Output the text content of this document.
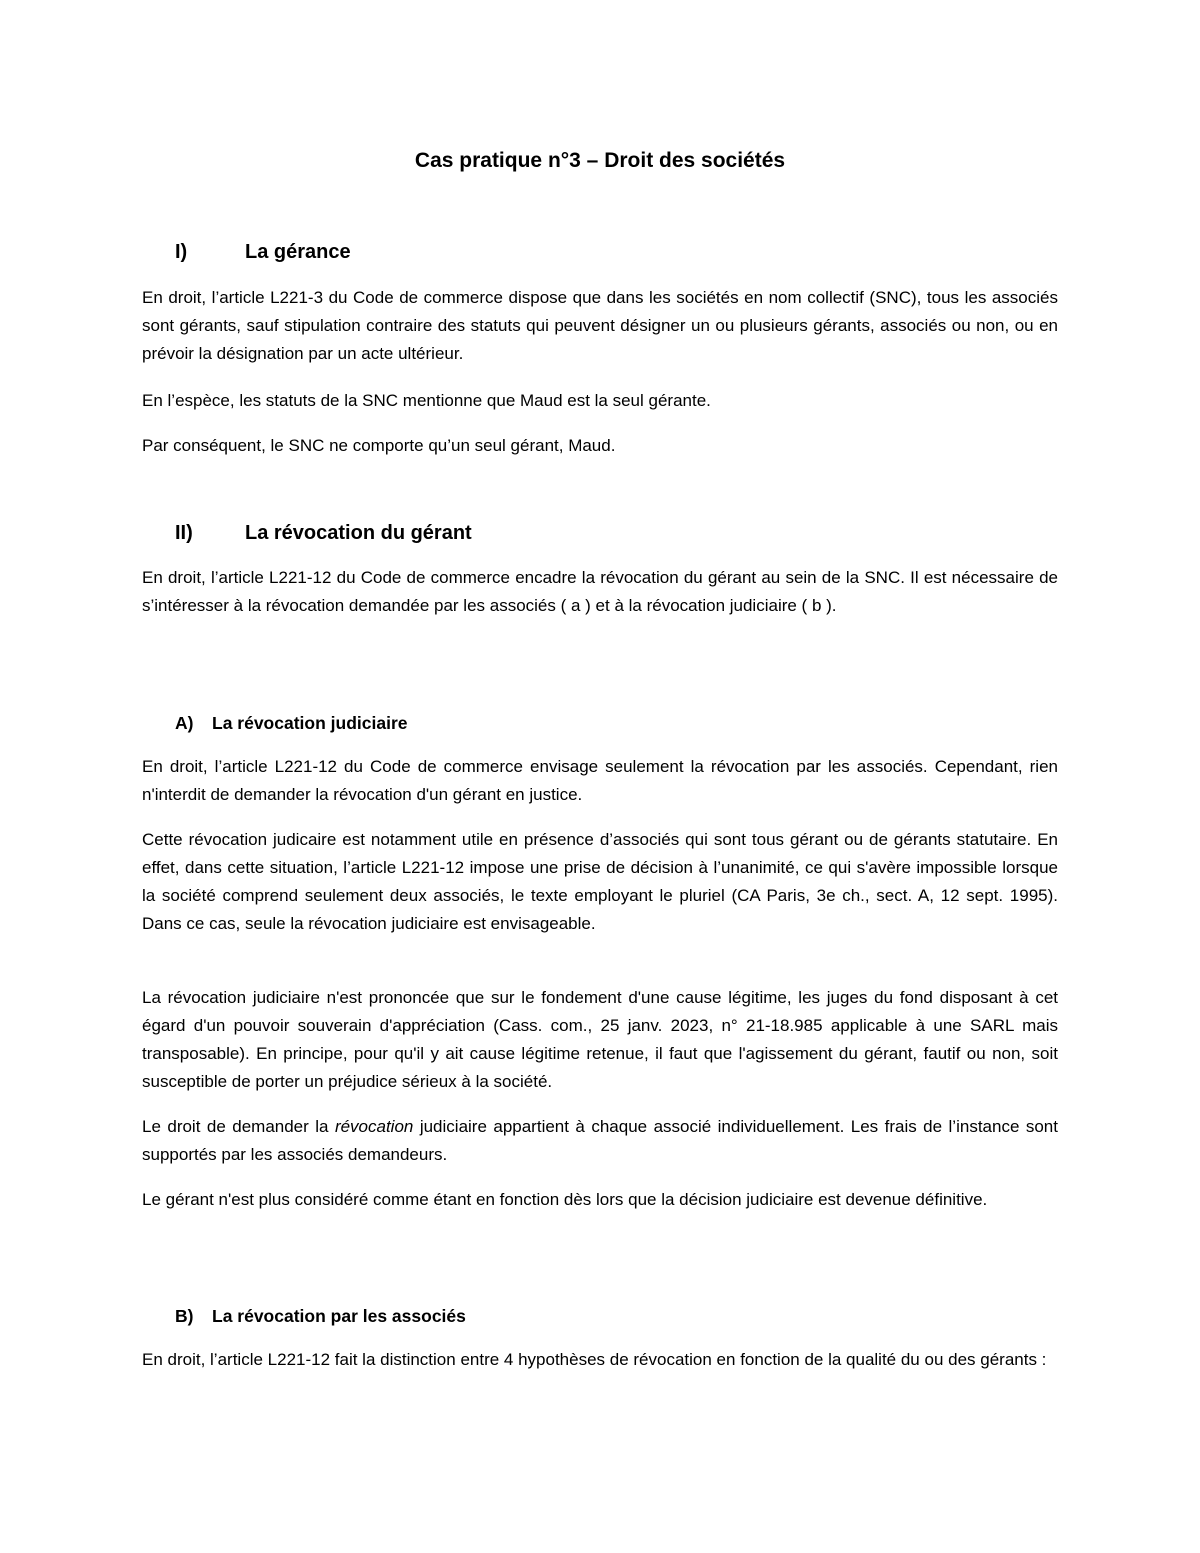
Cas pratique n°3 – Droit des sociétés
I)	La gérance

En droit, l’article L221-3 du Code de commerce dispose que dans les sociétés en nom collectif (SNC), tous les associés sont gérants, sauf stipulation contraire des statuts qui peuvent désigner un ou plusieurs gérants, associés ou non, ou en prévoir la désignation par un acte ultérieur.

En l’espèce, les statuts de la SNC mentionne que Maud est la seul gérante.

Par conséquent, le SNC ne comporte qu’un seul gérant, Maud.

II)	La révocation du gérant

En droit, l’article L221-12 du Code de commerce encadre la révocation du gérant au sein de la SNC. Il est nécessaire de s’intéresser à la révocation demandée par les associés ( a ) et à la révocation judiciaire ( b ).

A) La révocation judiciaire

En droit, l’article L221-12 du Code de commerce envisage seulement la révocation par les associés. Cependant, rien n'interdit de demander la révocation d'un gérant en justice.

Cette révocation judicaire est notamment utile en présence d’associés qui sont tous gérant ou de gérants statutaire. En effet, dans cette situation, l’article L221-12 impose une prise de décision à l’unanimité, ce qui s'avère impossible lorsque la société comprend seulement deux associés, le texte employant le pluriel (CA Paris, 3e ch., sect. A, 12 sept. 1995). Dans ce cas, seule la révocation judiciaire est envisageable.

La révocation judiciaire n'est prononcée que sur le fondement d'une cause légitime, les juges du fond disposant à cet égard d'un pouvoir souverain d'appréciation (Cass. com., 25 janv. 2023, n° 21-18.985 applicable à une SARL mais transposable). En principe, pour qu'il y ait cause légitime retenue, il faut que l'agissement du gérant, fautif ou non, soit susceptible de porter un préjudice sérieux à la société.

Le droit de demander la révocation judiciaire appartient à chaque associé individuellement. Les frais de l’instance sont supportés par les associés demandeurs.

Le gérant n'est plus considéré comme étant en fonction dès lors que la décision judiciaire est devenue définitive.

B) La révocation par les associés

En droit, l’article L221-12 fait la distinction entre 4 hypothèses de révocation en fonction de la qualité du ou des gérants :
